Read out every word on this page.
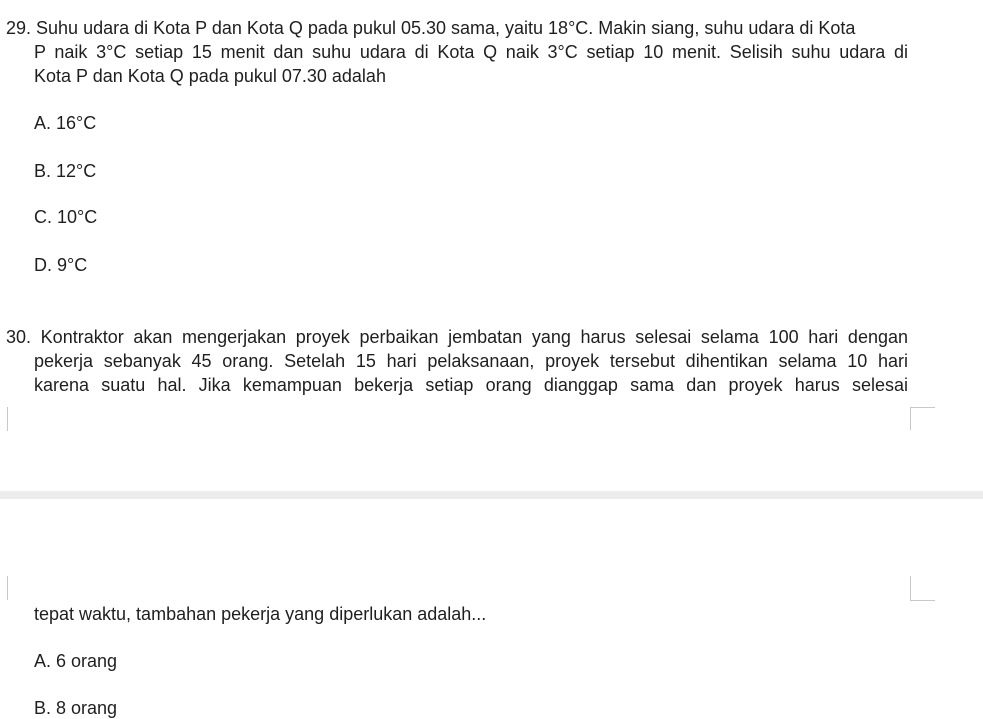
29. Suhu udara di Kota P dan Kota Q pada pukul 05.30 sama, yaitu 18°C. Makin siang, suhu udara di Kota
P naik 3°C setiap 15 menit dan suhu udara di Kota Q naik 3°C setiap 10 menit. Selisih suhu udara di
Kota P dan Kota Q pada pukul 07.30 adalah
A. 16°C
B. 12°C
C. 10°C
D. 9°C
30. Kontraktor akan mengerjakan proyek perbaikan jembatan yang harus selesai selama 100 hari dengan
pekerja sebanyak 45 orang. Setelah 15 hari pelaksanaan, proyek tersebut dihentikan selama 10 hari
karena suatu hal. Jika kemampuan bekerja setiap orang dianggap sama dan proyek harus selesai
tepat waktu, tambahan pekerja yang diperlukan adalah...
A. 6 orang
B. 8 orang
